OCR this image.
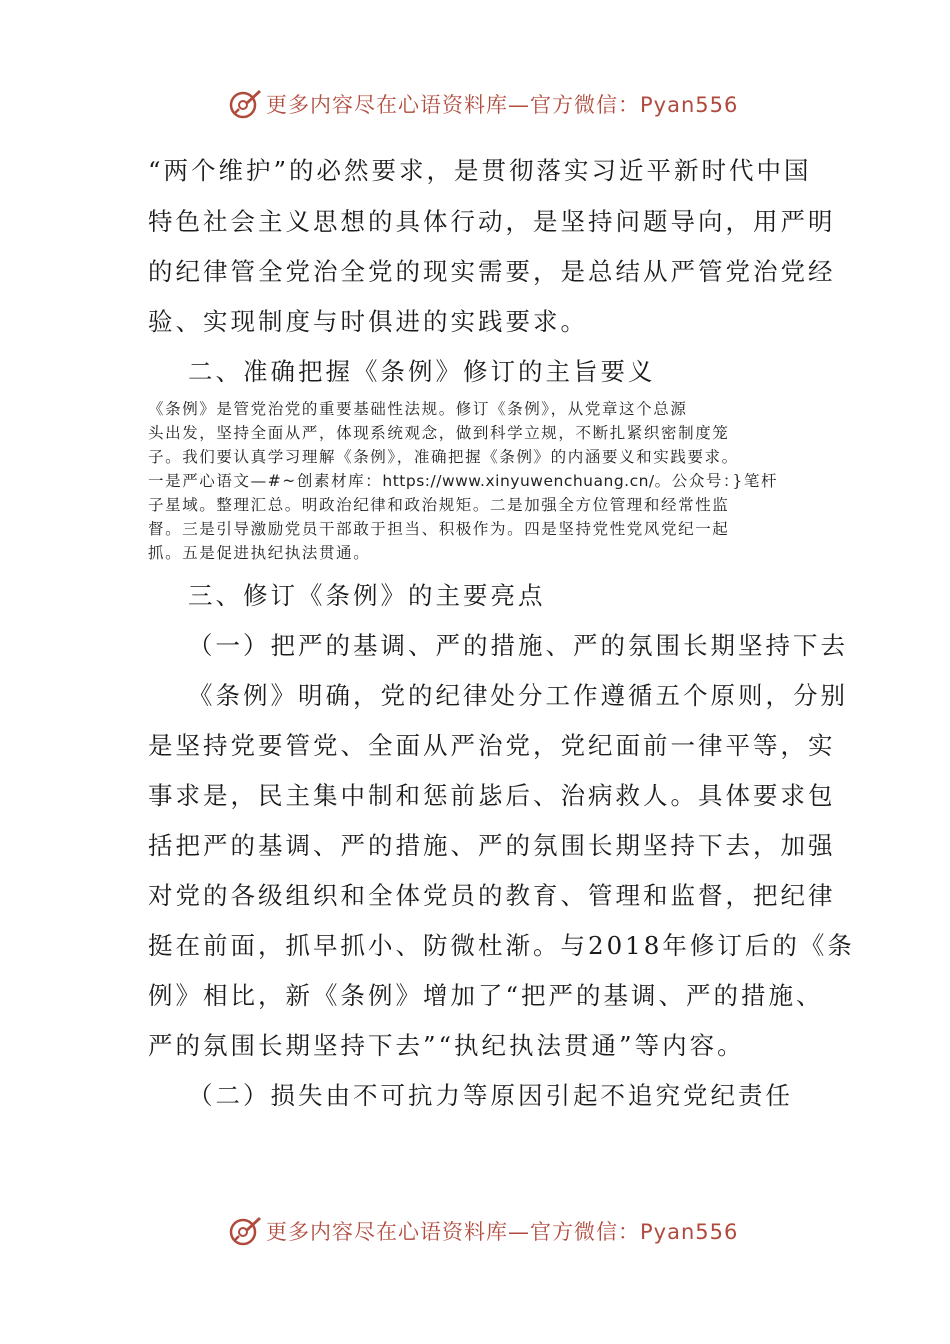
更多内容尽在心语资料库—官方微信：Pyan556
“两个维护”的必然要求，是贯彻落实习近平新时代中国
特色社会主义思想的具体行动，是坚持问题导向，用严明
的纪律管全党治全党的现实需要，是总结从严管党治党经
验、实现制度与时俱进的实践要求。
二、准确把握《条例》修订的主旨要义
《条例》是管党治党的重要基础性法规。修订《条例》，从党章这个总源
头出发，坚持全面从严，体现系统观念，做到科学立规，不断扎紧织密制度笼
子。我们要认真学习理解《条例》，准确把握《条例》的内涵要义和实践要求。
一是严心语文—#~创素材库：https://www.xinyuwenchuang.cn/。公众号：}笔杆
子星域。整理汇总。明政治纪律和政治规矩。二是加强全方位管理和经常性监
督。三是引导激励党员干部敢于担当、积极作为。四是坚持党性党风党纪一起
抓。五是促进执纪执法贯通。
三、修订《条例》的主要亮点
（一）把严的基调、严的措施、严的氛围长期坚持下去
《条例》明确，党的纪律处分工作遵循五个原则，分别
是坚持党要管党、全面从严治党，党纪面前一律平等，实
事求是，民主集中制和惩前毖后、治病救人。具体要求包
括把严的基调、严的措施、严的氛围长期坚持下去，加强
对党的各级组织和全体党员的教育、管理和监督，把纪律
挺在前面，抓早抓小、防微杜渐。与2018年修订后的《条
例》相比，新《条例》增加了“把严的基调、严的措施、
严的氛围长期坚持下去”“执纪执法贯通”等内容。
（二）损失由不可抗力等原因引起不追究党纪责任
更多内容尽在心语资料库—官方微信：Pyan556
